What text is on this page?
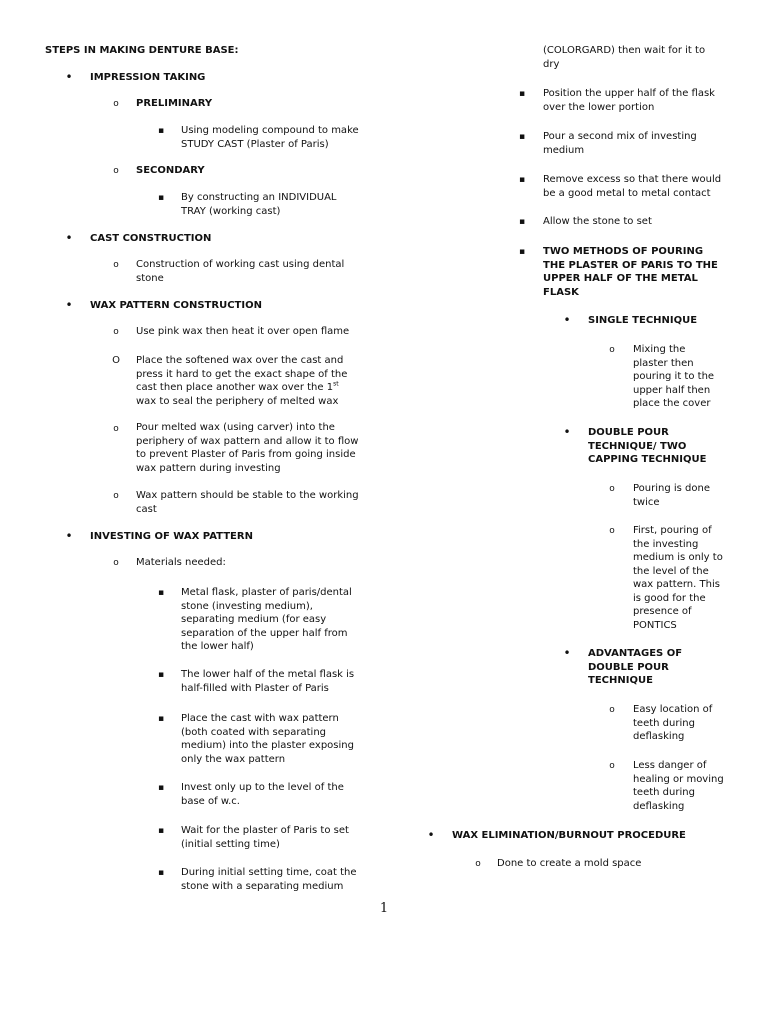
STEPS IN MAKING DENTURE BASE:
• IMPRESSION TAKING
o PRELIMINARY
▪ Using modeling compound to make STUDY CAST (Plaster of Paris)
o SECONDARY
▪ By constructing an INDIVIDUAL TRAY (working cast)
• CAST CONSTRUCTION
o Construction of working cast using dental stone
• WAX PATTERN CONSTRUCTION
o Use pink wax then heat it over open flame
O Place the softened wax over the cast and press it hard to get the exact shape of the cast then place another wax over the 1st wax to seal the periphery of melted wax
o Pour melted wax (using carver) into the periphery of wax pattern and allow it to flow to prevent Plaster of Paris from going inside wax pattern during investing
o Wax pattern should be stable to the working cast
• INVESTING OF WAX PATTERN
o Materials needed:
▪ Metal flask, plaster of paris/dental stone (investing medium), separating medium (for easy separation of the upper half from the lower half)
▪ The lower half of the metal flask is half-filled with Plaster of Paris
▪ Place the cast with wax pattern (both coated with separating medium) into the plaster exposing only the wax pattern
▪ Invest only up to the level of the base of w.c.
▪ Wait for the plaster of Paris to set (initial setting time)
▪ During initial setting time, coat the stone with a separating medium
(COLORGARD) then wait for it to dry
▪ Position the upper half of the flask over the lower portion
▪ Pour a second mix of investing medium
▪ Remove excess so that there would be a good metal to metal contact
▪ Allow the stone to set
▪ TWO METHODS OF POURING THE PLASTER OF PARIS TO THE UPPER HALF OF THE METAL FLASK
• SINGLE TECHNIQUE
o Mixing the plaster then pouring it to the upper half then place the cover
• DOUBLE POUR TECHNIQUE/ TWO CAPPING TECHNIQUE
o Pouring is done twice
o First, pouring of the investing medium is only to the level of the wax pattern. This is good for the presence of PONTICS
• ADVANTAGES OF DOUBLE POUR TECHNIQUE
o Easy location of teeth during deflasking
o Less danger of healing or moving teeth during deflasking
• WAX ELIMINATION/BURNOUT PROCEDURE
o Done to create a mold space
1
